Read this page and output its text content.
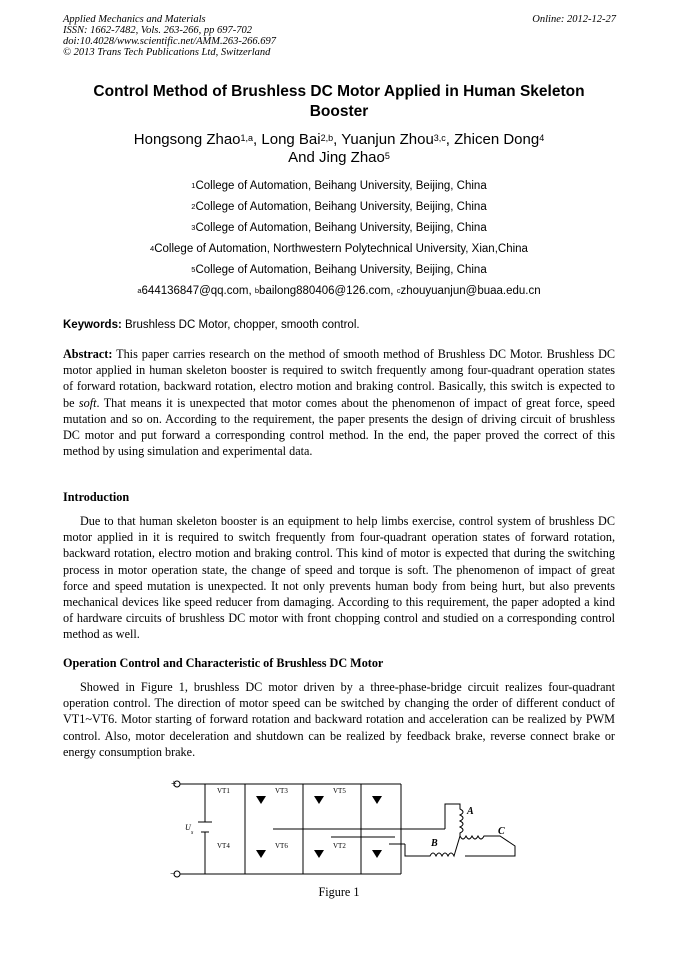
Applied Mechanics and Materials
ISSN: 1662-7482, Vols. 263-266, pp 697-702
doi:10.4028/www.scientific.net/AMM.263-266.697
© 2013 Trans Tech Publications Ltd, Switzerland
Online: 2012-12-27
Control Method of Brushless DC Motor Applied in Human Skeleton Booster
Hongsong Zhao$^{1,a}$, Long Bai$^{2,b}$, Yuanjun Zhou$^{3,c}$, Zhicen Dong$^4$
And Jing Zhao$^5$
$^1$College of Automation, Beihang University, Beijing, China
$^2$College of Automation, Beihang University, Beijing, China
$^3$College of Automation, Beihang University, Beijing, China
$^4$College of Automation, Northwestern Polytechnical University, Xian,China
$^5$College of Automation, Beihang University, Beijing, China
$^a$644136847@qq.com, $^b$bailong880406@126.com, $^c$zhouyuanjun@buaa.edu.cn
Keywords: Brushless DC Motor, chopper, smooth control.
Abstract: This paper carries research on the method of smooth method of Brushless DC Motor. Brushless DC motor applied in human skeleton booster is required to switch frequently among four-quadrant operation states of forward rotation, backward rotation, electro motion and braking control. Basically, this switch is expected to be soft. That means it is unexpected that motor comes about the phenomenon of impact of great force, speed mutation and so on. According to the requirement, the paper presents the design of driving circuit of brushless DC motor and put forward a corresponding control method. In the end, the paper proved the correct of this method by using simulation and experimental data.
Introduction
Due to that human skeleton booster is an equipment to help limbs exercise, control system of brushless DC motor applied in it is required to switch frequently from four-quadrant operation states of forward rotation, backward rotation, electro motion and braking control. This kind of motor is expected that during the switching process in motor operation state, the change of speed and torque is soft. The phenomenon of impact of great force and speed mutation is unexpected. It not only prevents human body from being hurt, but also prevents mechanical devices like speed reducer from damaging. According to this requirement, the paper adopted a kind of hardware circuits of brushless DC motor with front chopping control and studied on a corresponding control method as well.
Operation Control and Characteristic of Brushless DC Motor
Showed in Figure 1, brushless DC motor driven by a three-phase-bridge circuit realizes four-quadrant operation control. The direction of motor speed can be switched by changing the order of different conduct of VT1~VT6. Motor starting of forward rotation and backward rotation and acceleration can be realized by PWM control. Also, motor deceleration and shutdown can be realized by feedback brake, reverse connect brake or energy consumption brake.
+
−
U
s
VT1	VT3	VT5
VT4	VT6	VT2
A
B
C
Figure 1
